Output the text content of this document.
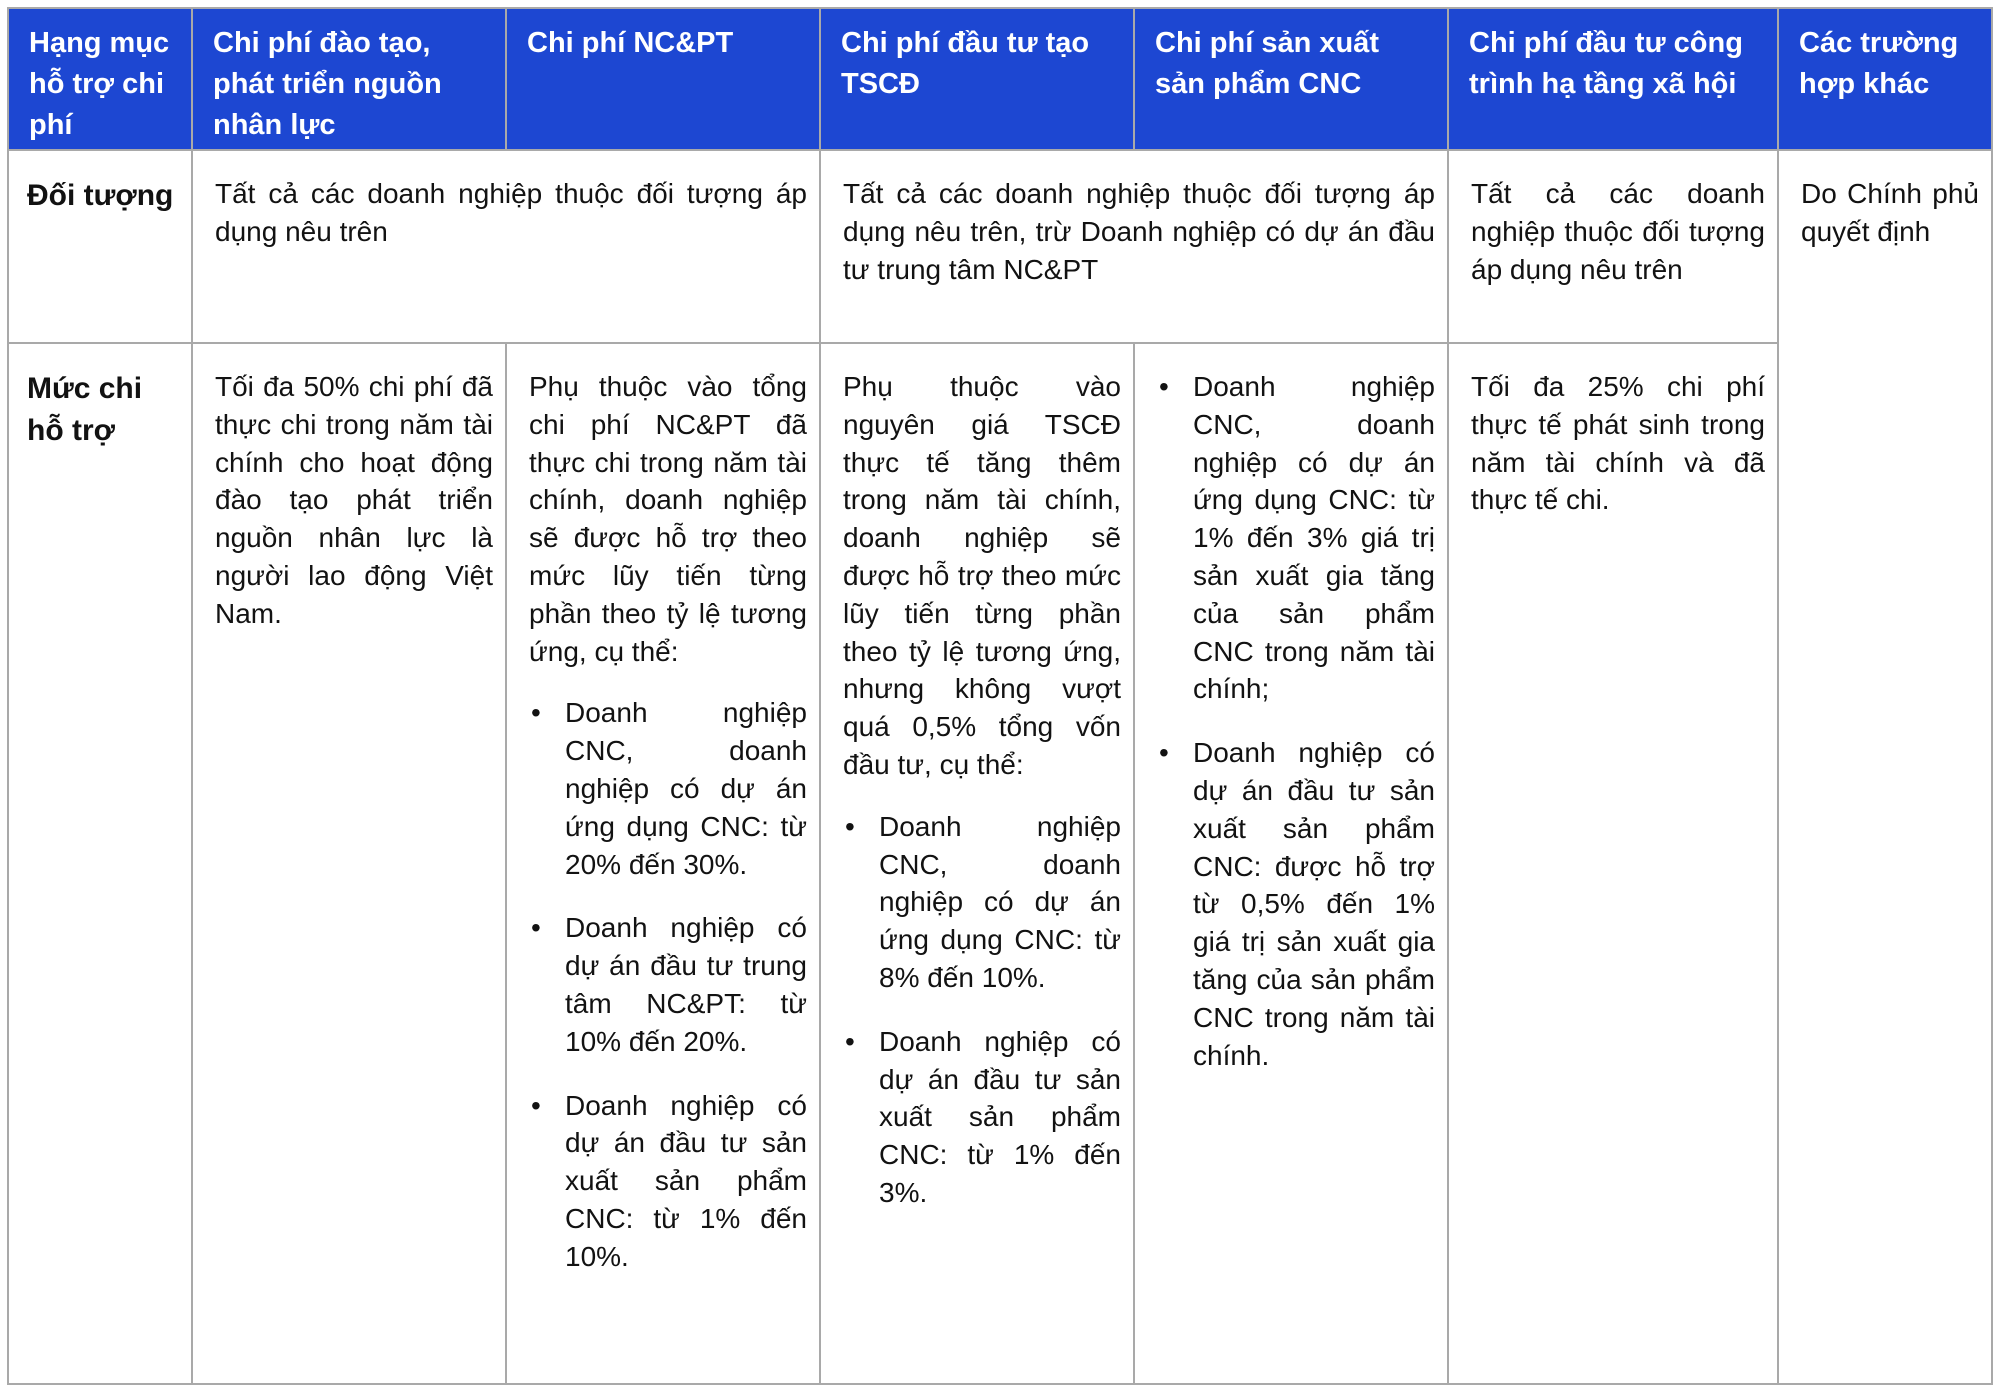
Hạng mục hỗ trợ chi phí
Chi phí đào tạo, phát triển nguồn nhân lực
Chi phí NC&PT	Chi phí đầu tư tạo TSCĐ
Chi phí sản xuất sản phẩm CNC
Chi phí đầu tư công trình hạ tầng xã hội
Các trường hợp khác
Đối tượng	Tất cả các doanh nghiệp thuộc đối tượng áp dụng nêu trên

Tất cả các doanh nghiệp thuộc đối tượng áp dụng nêu trên, trừ Doanh nghiệp có dự án đầu tư trung tâm NC&PT

Tất cả các doanh nghiệp thuộc đối tượng áp dụng nêu trên

Do Chính phủ quyết định

Mức chi hỗ trợ

Tối đa 50% chi phí đã thực chi trong năm tài chính cho hoạt động đào tạo phát triển nguồn nhân lực là người lao động Việt Nam.

Phụ thuộc vào tổng chi phí NC&PT đã thực chi trong năm tài chính, doanh nghiệp sẽ được hỗ trợ theo mức lũy tiến từng phần theo tỷ lệ tương ứng, cụ thể:

• Doanh nghiệp CNC, doanh nghiệp có dự án ứng dụng CNC: từ 20% đến 30%.
• Doanh nghiệp có dự án đầu tư trung tâm NC&PT: từ 10% đến 20%.
• Doanh nghiệp có dự án đầu tư sản xuất sản phẩm CNC: từ 1% đến 10%.

Phụ thuộc vào nguyên giá TSCĐ thực tế tăng thêm trong năm tài chính, doanh nghiệp sẽ được hỗ trợ theo mức lũy tiến từng phần theo tỷ lệ tương ứng, nhưng không vượt quá 0,5% tổng vốn đầu tư, cụ thể:

• Doanh nghiệp CNC, doanh nghiệp có dự án ứng dụng CNC: từ 8% đến 10%.
• Doanh nghiệp có dự án đầu tư sản xuất sản phẩm CNC: từ 1% đến 3%.
• Doanh nghiệp CNC, doanh nghiệp có dự án ứng dụng CNC: từ 1% đến 3% giá trị sản xuất gia tăng của sản phẩm CNC trong năm tài chính;
• Doanh nghiệp có dự án đầu tư sản xuất sản phẩm CNC: được hỗ trợ từ 0,5% đến 1% giá trị sản xuất gia tăng của sản phẩm CNC trong năm tài chính.

Tối đa 25% chi phí thực tế phát sinh trong năm tài chính và đã thực tế chi.
